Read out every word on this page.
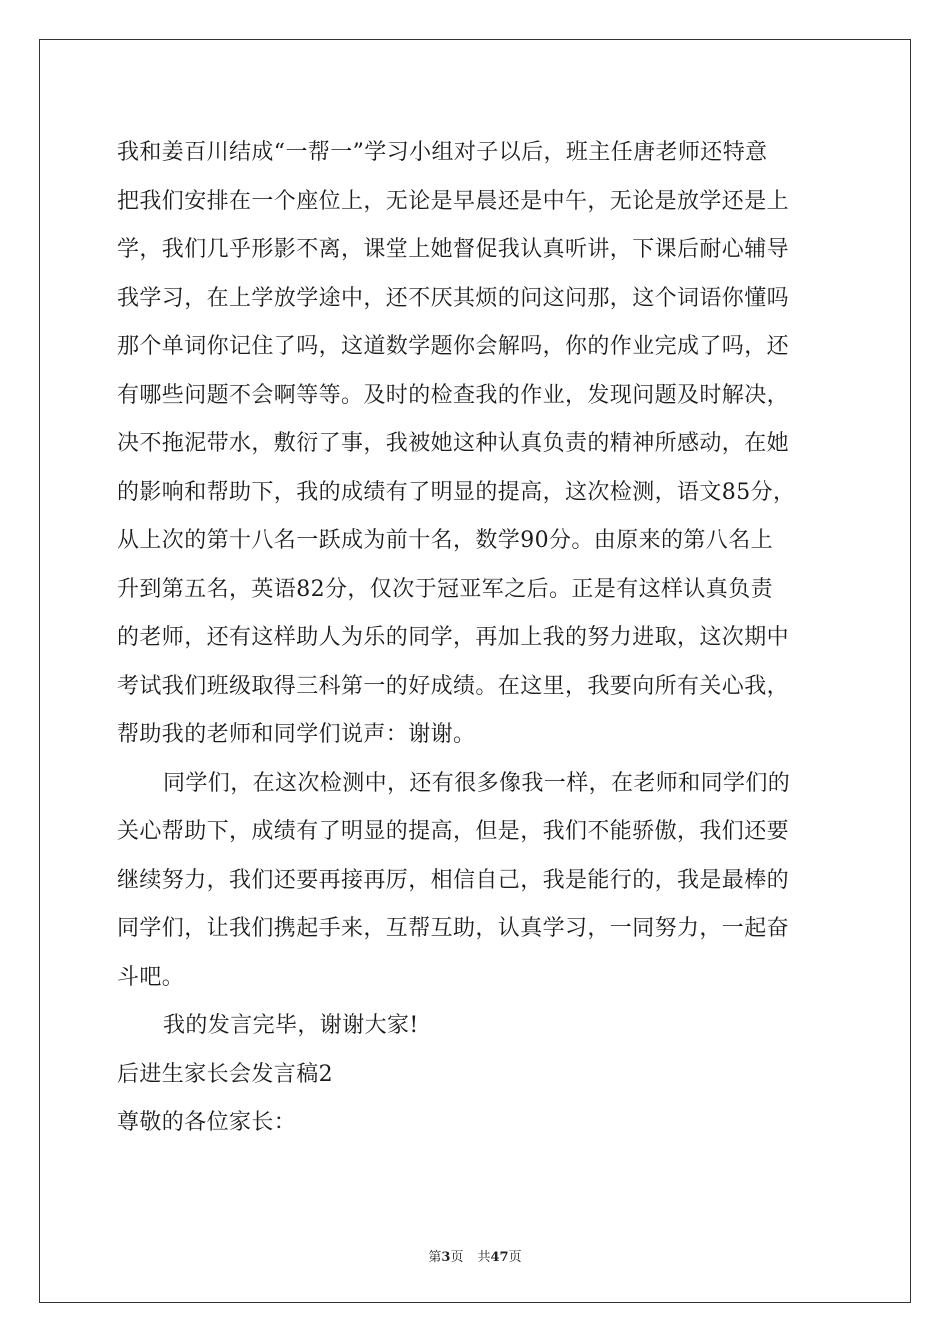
我和姜百川结成“一帮一”学习小组对子以后，班主任唐老师还特意
把我们安排在一个座位上，无论是早晨还是中午，无论是放学还是上
学，我们几乎形影不离，课堂上她督促我认真听讲，下课后耐心辅导
我学习，在上学放学途中，还不厌其烦的问这问那，这个词语你懂吗
那个单词你记住了吗，这道数学题你会解吗，你的作业完成了吗，还
有哪些问题不会啊等等。及时的检查我的作业，发现问题及时解决，
决不拖泥带水，敷衍了事，我被她这种认真负责的精神所感动，在她
的影响和帮助下，我的成绩有了明显的提高，这次检测，语文85分，
从上次的第十八名一跃成为前十名，数学90分。由原来的第八名上
升到第五名，英语82分，仅次于冠亚军之后。正是有这样认真负责
的老师，还有这样助人为乐的同学，再加上我的努力进取，这次期中
考试我们班级取得三科第一的好成绩。在这里，我要向所有关心我，
帮助我的老师和同学们说声：谢谢。
同学们，在这次检测中，还有很多像我一样，在老师和同学们的
关心帮助下，成绩有了明显的提高，但是，我们不能骄傲，我们还要
继续努力，我们还要再接再厉，相信自己，我是能行的，我是最棒的
同学们，让我们携起手来，互帮互助，认真学习，一同努力，一起奋
斗吧。
我的发言完毕，谢谢大家!
后进生家长会发言稿2
尊敬的各位家长：
第3页 共47页
